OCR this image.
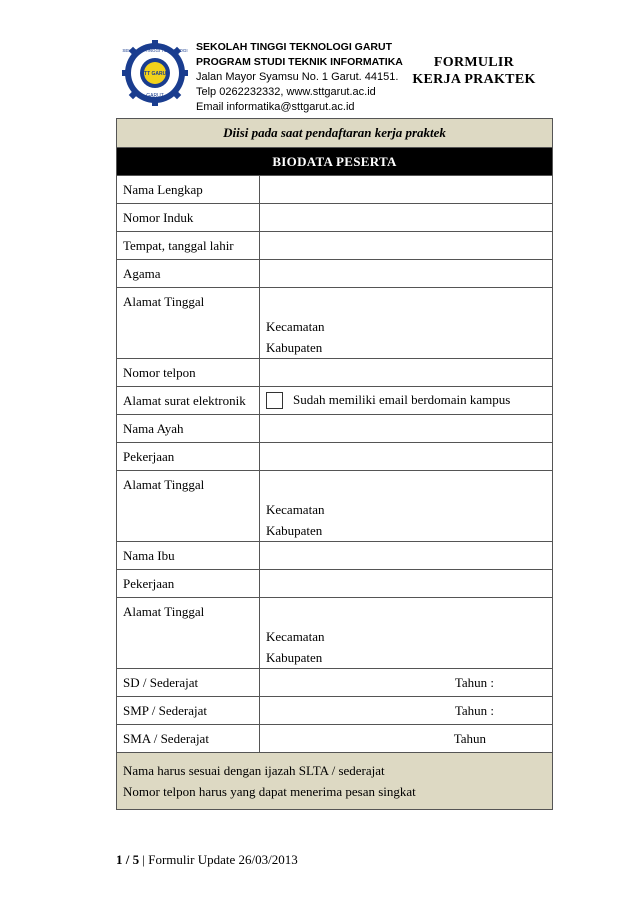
SEKOLAH TINGGI TEKNOLOGI
STT GARUT
GARUT
SEKOLAH TINGGI TEKNOLOGI GARUT
PROGRAM STUDI TEKNIK INFORMATIKA
Jalan Mayor Syamsu No. 1 Garut. 44151.
Telp 0262232332, www.sttgarut.ac.id
Email informatika@sttgarut.ac.id
FORMULIR
KERJA PRAKTEK
Diisi pada saat pendaftaran kerja praktek	
BIODATA PESERTA	
Nama Lengkap	
Nomor Induk	
Tempat, tanggal lahir	
Agama	
Alamat Tinggal	Kecamatan
Kabupaten

Nomor telpon	
Alamat surat elektronik	Sudah memiliki email berdomain kampus
Nama Ayah	
Pekerjaan	
Alamat Tinggal	Kecamatan
Kabupaten

Nama Ibu	
Pekerjaan	
Alamat Tinggal	Kecamatan
Kabupaten

SD / Sederajat	Tahun :

SMP / Sederajat	Tahun :

SMA / Sederajat	Tahun

Nama harus sesuai dengan ijazah SLTA / sederajat
Nomor telpon harus yang dapat menerima pesan singkat	
1 / 5 | Formulir Update 26/03/2013
